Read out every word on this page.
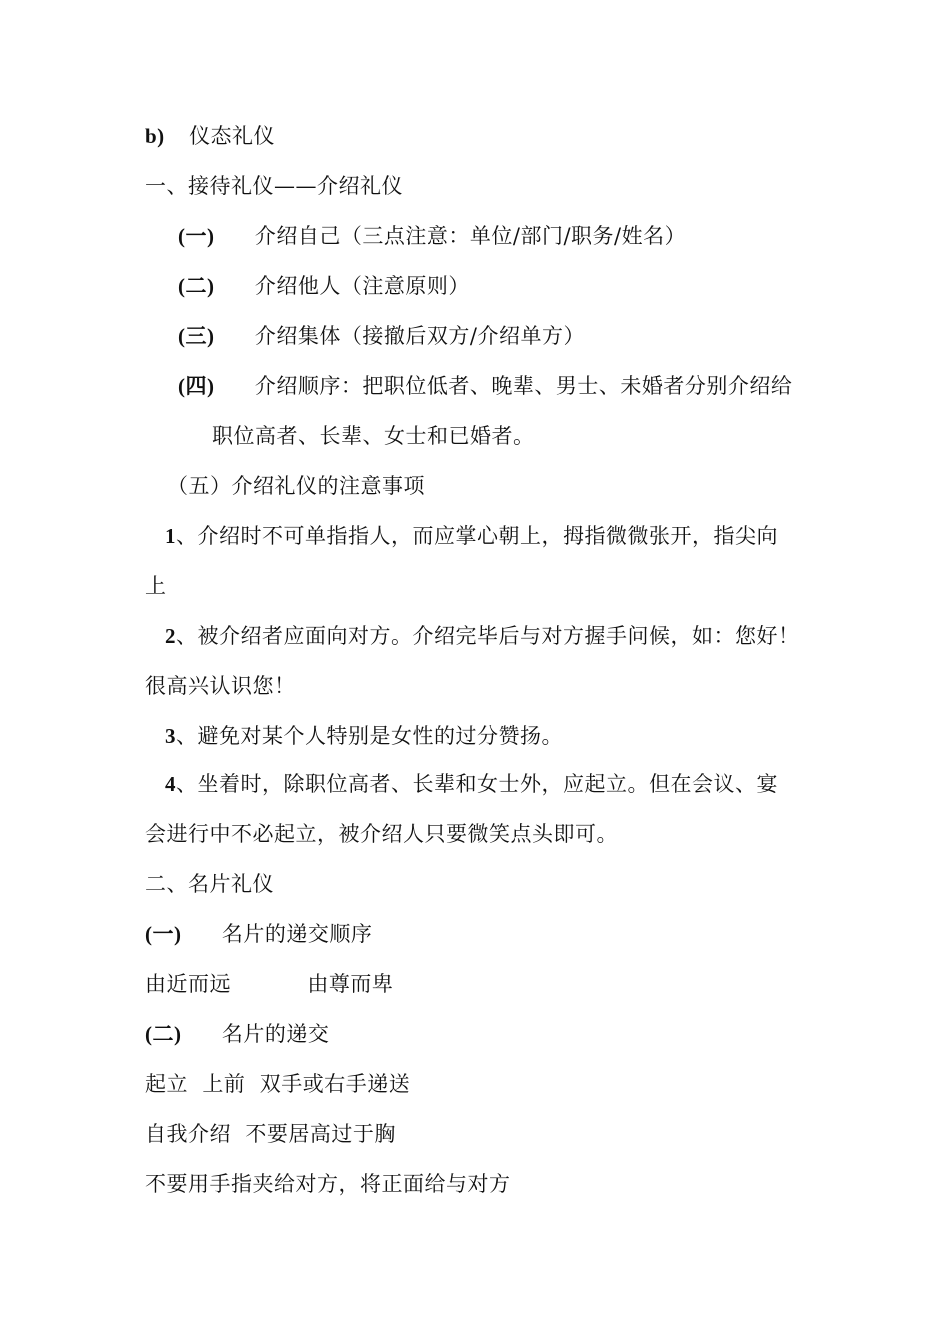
b) 仪态礼仪
一、接待礼仪——介绍礼仪
(一) 介绍自己（三点注意：单位/部门/职务/姓名）
(二) 介绍他人（注意原则）
(三) 介绍集体（接撤后双方/介绍单方）
(四) 介绍顺序：把职位低者、晚辈、男士、未婚者分别介绍给
职位高者、长辈、女士和已婚者。
（五）介绍礼仪的注意事项
1、介绍时不可单指指人，而应掌心朝上，拇指微微张开，指尖向
上
2、被介绍者应面向对方。介绍完毕后与对方握手问候，如：您好！
很高兴认识您！
3、避免对某个人特别是女性的过分赞扬。
4、坐着时，除职位高者、长辈和女士外，应起立。但在会议、宴
会进行中不必起立，被介绍人只要微笑点头即可。
二、名片礼仪
(一) 名片的递交顺序
由近而远	由尊而卑
(二) 名片的递交
起立  上前  双手或右手递送
自我介绍  不要居高过于胸
不要用手指夹给对方，将正面给与对方
